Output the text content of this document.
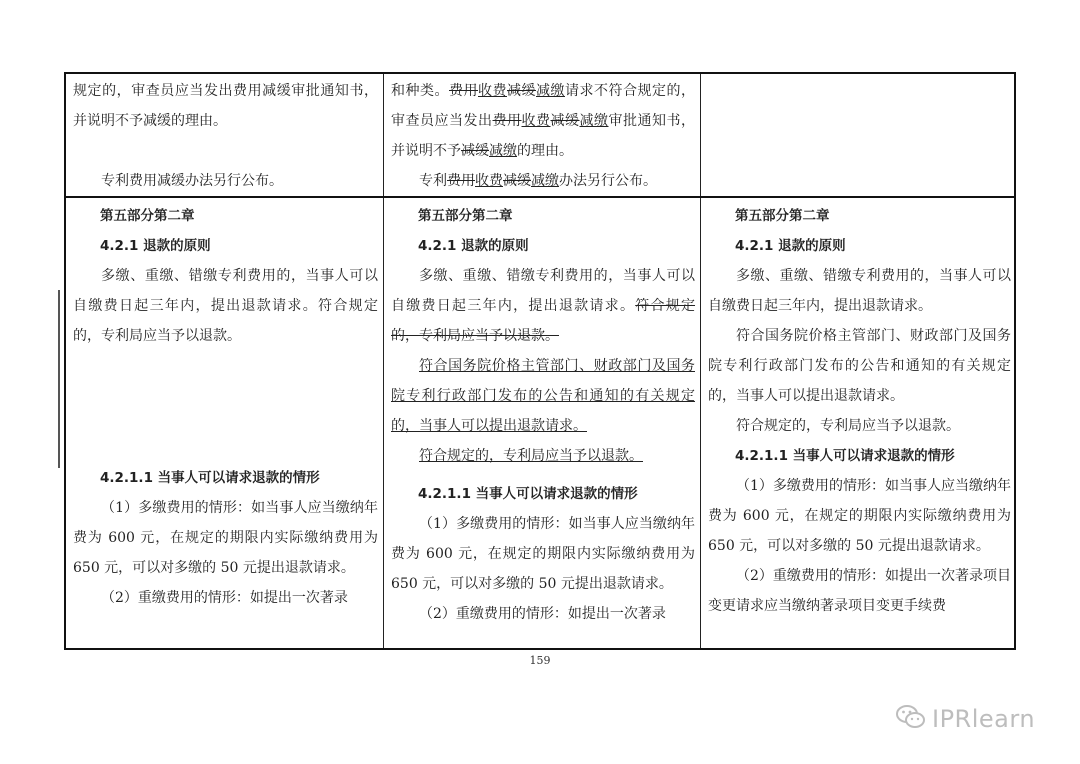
规定的，审查员应当发出费用减缓审批通知书，并说明不予减缓的理由。

专利费用减缓办法另行公布。

和种类。费用收费减缓减缴请求不符合规定的，审查员应当发出费用收费减缓减缴审批通知书，并说明不予减缓减缴的理由。

专利费用收费减缓减缴办法另行公布。

第五部分第二章

4.2.1 退款的原则

多缴、重缴、错缴专利费用的，当事人可以自缴费日起三年内，提出退款请求。符合规定的，专利局应当予以退款。

4.2.1.1 当事人可以请求退款的情形

（1）多缴费用的情形：如当事人应当缴纳年费为 600 元，在规定的期限内实际缴纳费用为 650 元，可以对多缴的 50 元提出退款请求。

（2）重缴费用的情形：如提出一次著录

第五部分第二章

4.2.1 退款的原则

多缴、重缴、错缴专利费用的，当事人可以自缴费日起三年内，提出退款请求。符合规定的，专利局应当予以退款。

符合国务院价格主管部门、财政部门及国务院专利行政部门发布的公告和通知的有关规定的，当事人可以提出退款请求。

符合规定的，专利局应当予以退款。

4.2.1.1 当事人可以请求退款的情形

（1）多缴费用的情形：如当事人应当缴纳年费为 600 元，在规定的期限内实际缴纳费用为 650 元，可以对多缴的 50 元提出退款请求。

（2）重缴费用的情形：如提出一次著录

第五部分第二章

4.2.1 退款的原则

多缴、重缴、错缴专利费用的，当事人可以自缴费日起三年内，提出退款请求。

符合国务院价格主管部门、财政部门及国务院专利行政部门发布的公告和通知的有关规定的，当事人可以提出退款请求。

符合规定的，专利局应当予以退款。

4.2.1.1 当事人可以请求退款的情形

（1）多缴费用的情形：如当事人应当缴纳年费为 600 元，在规定的期限内实际缴纳费用为 650 元，可以对多缴的 50 元提出退款请求。

（2）重缴费用的情形：如提出一次著录项目变更请求应当缴纳著录项目变更手续费

159
IPRlearn
